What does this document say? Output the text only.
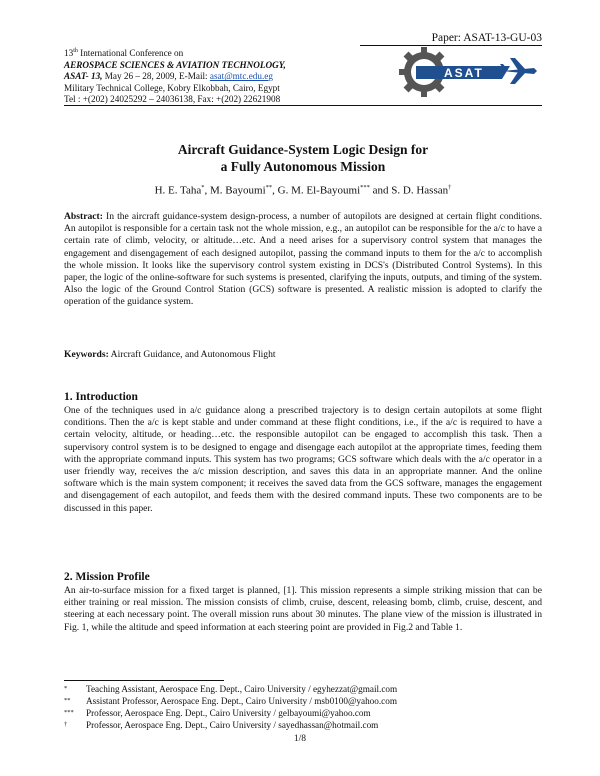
Paper: ASAT-13-GU-03
13th International Conference on
AEROSPACE SCIENCES & AVIATION TECHNOLOGY,
ASAT- 13, May 26 – 28, 2009, E-Mail: asat@mtc.edu.eg
Military Technical College, Kobry Elkobbah, Cairo, Egypt
Tel : +(202) 24025292 – 24036138, Fax: +(202) 22621908
ASAT
Aircraft Guidance-System Logic Design for
a Fully Autonomous Mission
H. E. Taha*, M. Bayoumi**, G. M. El-Bayoumi*** and S. D. Hassan†
Abstract: In the aircraft guidance-system design-process, a number of autopilots are designed at certain flight conditions. An autopilot is responsible for a certain task not the whole mission, e.g., an autopilot can be responsible for the a/c to have a certain rate of climb, velocity, or altitude…etc. And a need arises for a supervisory control system that manages the engagement and disengagement of each designed autopilot, passing the command inputs to them for the a/c to accomplish the whole mission. It looks like the supervisory control system existing in DCS's (Distributed Control Systems). In this paper, the logic of the online-software for such systems is presented, clarifying the inputs, outputs, and timing of the system. Also the logic of the Ground Control Station (GCS) software is presented. A realistic mission is adopted to clarify the operation of the guidance system.
Keywords: Aircraft Guidance, and Autonomous Flight
1. Introduction
One of the techniques used in a/c guidance along a prescribed trajectory is to design certain autopilots at some flight conditions. Then the a/c is kept stable and under command at these flight conditions, i.e., if the a/c is required to have a certain velocity, altitude, or heading…etc. the responsible autopilot can be engaged to accomplish this task. Then a supervisory control system is to be designed to engage and disengage each autopilot at the appropriate times, feeding them with the appropriate command inputs. This system has two programs; GCS software which deals with the a/c operator in a user friendly way, receives the a/c mission description, and saves this data in an appropriate manner. And the online software which is the main system component; it receives the saved data from the GCS software, manages the engagement and disengagement of each autopilot, and feeds them with the desired command inputs. These two components are to be discussed in this paper.
2. Mission Profile
An air-to-surface mission for a fixed target is planned, [1]. This mission represents a simple striking mission that can be either training or real mission. The mission consists of climb, cruise, descent, releasing bomb, climb, cruise, descent, and steering at each necessary point. The overall mission runs about 30 minutes. The plane view of the mission is illustrated in Fig. 1, while the altitude and speed information at each steering point are provided in Fig.2 and Table 1.
*	Teaching Assistant, Aerospace Eng. Dept., Cairo University / egyhezzat@gmail.com
**	Assistant Professor, Aerospace Eng. Dept., Cairo University / msb0100@yahoo.com
***	Professor, Aerospace Eng. Dept., Cairo University / gelbayoumi@yahoo.com
†	Professor, Aerospace Eng. Dept., Cairo University / sayedhassan@hotmail.com
1/8
